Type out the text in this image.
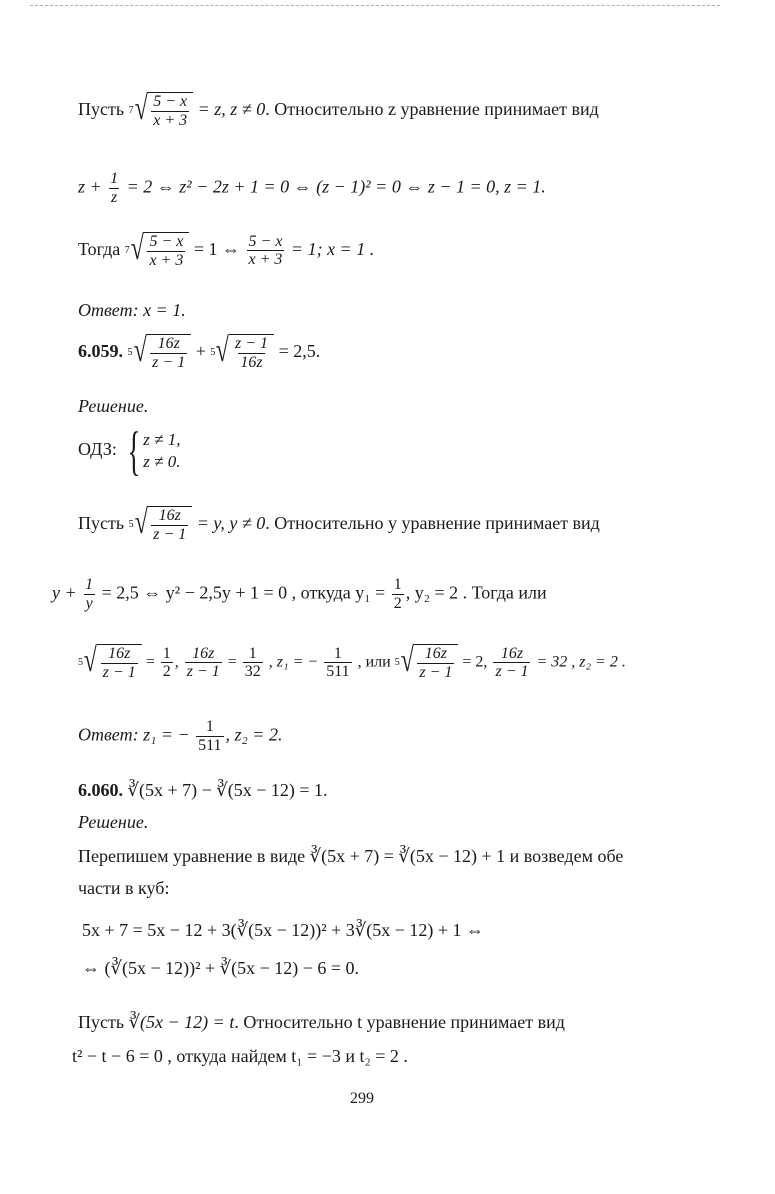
Пусть 7 √ $\frac{5 - x}{x + 3} = z$, z ≠ 0. Относительно z уравнение принимает вид
$z + \frac{1}{z} = 2$ ⇔ z² − 2z + 1 = 0 ⇔ (z − 1)² = 0 ⇔ z − 1 = 0, z = 1.
Тогда 7 √ $\frac{5 - x}{x + 3} = 1$ ⇔ $\frac{5 - x}{x + 3} = 1$; x = 1 .
Ответ: x = 1.
6.059. 5 √ $\frac{16z}{z - 1} + 5$ √ $\frac{z - 1}{16z} = 2,5$.
Решение.
ОДЗ: { z ≠ 1,
z ≠ 0.
Пусть 5 √ $\frac{16z}{z - 1} = y$, y ≠ 0. Относительно y уравнение принимает вид
$y + \frac{1}{y} = 2,5$ ⇔ y² − 2,5y + 1 = 0 , откуда $y_1 = \frac{1}{2}$ , y₂ = 2 . Тогда или
5 √ $\frac{16z}{z - 1} = \frac{1}{2}$ , $\frac{16z}{z - 1} = \frac{1}{32}$ , z₁ = − $\frac{1}{511}$ , или 5 √ $\frac{16z}{z - 1} = 2$, $\frac{16z}{z - 1} = 32$ , z₂ = 2 .
Ответ: z₁ = − $\frac{1}{511}$ , z₂ = 2.
6.060. ∛(5x + 7) − ∛(5x − 12) = 1.
Решение.
Перепишем уравнение в виде ∛(5x + 7) = ∛(5x − 12) + 1 и возведем обе
части в куб:
5x + 7 = 5x − 12 + 3(∛(5x − 12))² + 3∛(5x − 12) + 1 ⇔
⇔ (∛(5x − 12))² + ∛(5x − 12) − 6 = 0.
Пусть ∛(5x − 12) = t. Относительно t уравнение принимает вид
t² − t − 6 = 0 , откуда найдем t₁ = −3 и t₂ = 2 .
299
